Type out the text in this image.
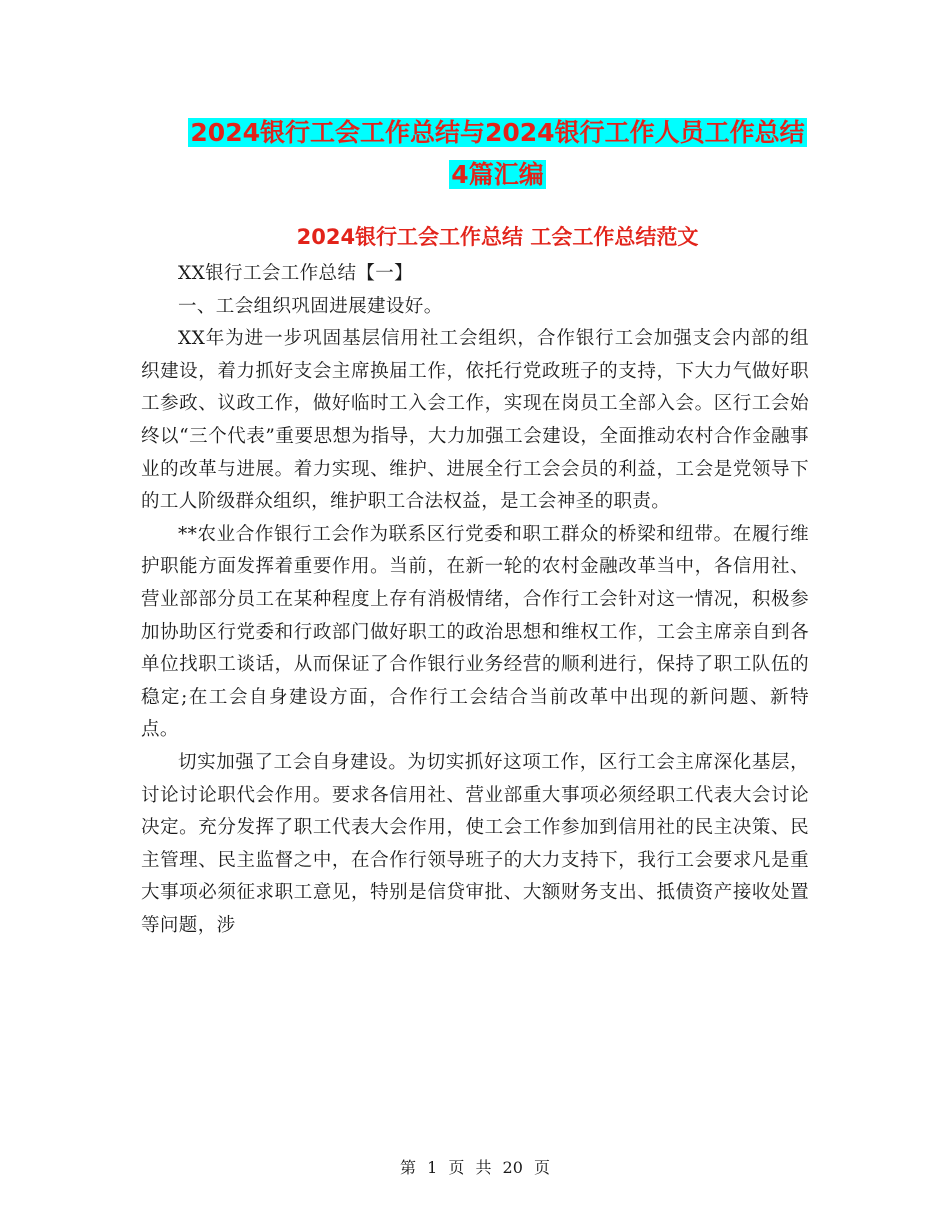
2024银行工会工作总结与2024银行工作人员工作总结
4篇汇编
2024银行工会工作总结 工会工作总结范文

XX银行工会工作总结【一】

一、工会组织巩固进展建设好。

XX年为进一步巩固基层信用社工会组织，合作银行工会加强支会内部的组织建设，着力抓好支会主席换届工作，依托行党政班子的支持，下大力气做好职工参政、议政工作，做好临时工入会工作，实现在岗员工全部入会。区行工会始终以“三个代表”重要思想为指导，大力加强工会建设，全面推动农村合作金融事业的改革与进展。着力实现、维护、进展全行工会会员的利益，工会是党领导下的工人阶级群众组织，维护职工合法权益，是工会神圣的职责。

**农业合作银行工会作为联系区行党委和职工群众的桥梁和纽带。在履行维护职能方面发挥着重要作用。当前，在新一轮的农村金融改革当中，各信用社、营业部部分员工在某种程度上存有消极情绪，合作行工会针对这一情况，积极参加协助区行党委和行政部门做好职工的政治思想和维权工作，工会主席亲自到各单位找职工谈话，从而保证了合作银行业务经营的顺利进行，保持了职工队伍的稳定;在工会自身建设方面，合作行工会结合当前改革中出现的新问题、新特点。

切实加强了工会自身建设。为切实抓好这项工作，区行工会主席深化基层，讨论讨论职代会作用。要求各信用社、营业部重大事项必须经职工代表大会讨论决定。充分发挥了职工代表大会作用，使工会工作参加到信用社的民主决策、民主管理、民主监督之中，在合作行领导班子的大力支持下，我行工会要求凡是重大事项必须征求职工意见，特别是信贷审批、大额财务支出、抵债资产接收处置等问题，涉

第 1 页 共 20 页
